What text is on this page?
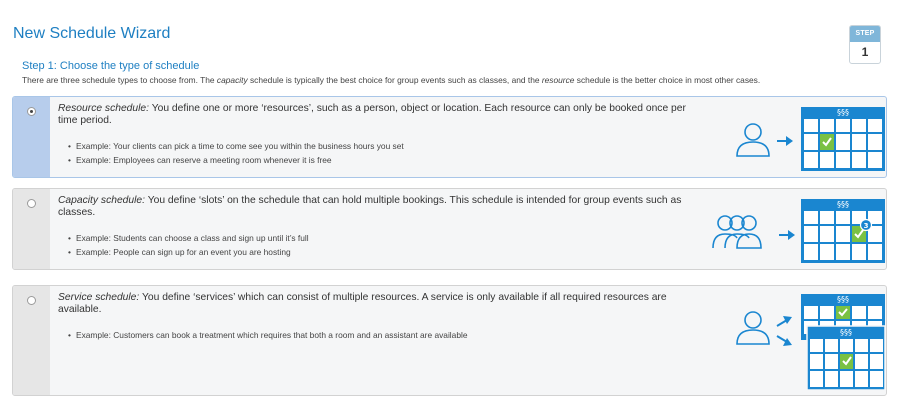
New Schedule Wizard	STEP
1
Step 1: Choose the type of schedule
There are three schedule types to choose from. The capacity schedule is typically the best choice for group events such as classes, and the resource schedule is the better choice in most other cases.
Resource schedule: You define one or more ‘resources’, such as a person, object or location. Each resource can only be booked once per time period.
• Example: Your clients can pick a time to come see you within the business hours you set
• Example: Employees can reserve a meeting room whenever it is free
§§§
Capacity schedule: You define ‘slots’ on the schedule that can hold multiple bookings. This schedule is intended for group events such as classes.
• Example: Students can choose a class and sign up until it’s full
• Example: People can sign up for an event you are hosting
§§§
3
Service schedule: You define ‘services’ which can consist of multiple resources. A service is only available if all required resources are available.
• Example: Customers can book a treatment which requires that both a room and an assistant are available
§§§
§§§
